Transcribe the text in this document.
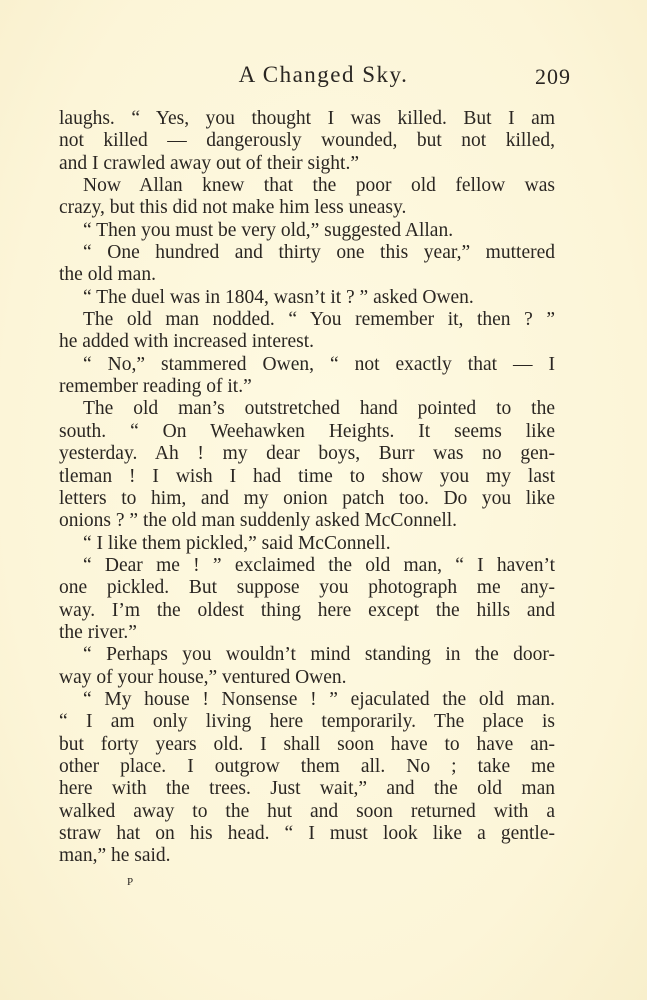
A Changed Sky.	209
laughs. “ Yes, you thought I was killed. But I am
not killed — dangerously wounded, but not killed,
and I crawled away out of their sight.”
Now Allan knew that the poor old fellow was
crazy, but this did not make him less uneasy.
“ Then you must be very old,” suggested Allan.
“ One hundred and thirty one this year,” muttered
the old man.
“ The duel was in 1804, wasn’t it ? ” asked Owen.
The old man nodded. “ You remember it, then ? ”
he added with increased interest.
“ No,” stammered Owen, “ not exactly that — I
remember reading of it.”
The old man’s outstretched hand pointed to the
south. “ On Weehawken Heights. It seems like
yesterday. Ah ! my dear boys, Burr was no gen-
tleman ! I wish I had time to show you my last
letters to him, and my onion patch too. Do you like
onions ? ” the old man suddenly asked McConnell.
“ I like them pickled,” said McConnell.
“ Dear me ! ” exclaimed the old man, “ I haven’t
one pickled. But suppose you photograph me any-
way. I’m the oldest thing here except the hills and
the river.”
“ Perhaps you wouldn’t mind standing in the door-
way of your house,” ventured Owen.
“ My house ! Nonsense ! ” ejaculated the old man.
“ I am only living here temporarily. The place is
but forty years old. I shall soon have to have an-
other place. I outgrow them all. No ; take me
here with the trees. Just wait,” and the old man
walked away to the hut and soon returned with a
straw hat on his head. “ I must look like a gentle-
man,” he said.
P
